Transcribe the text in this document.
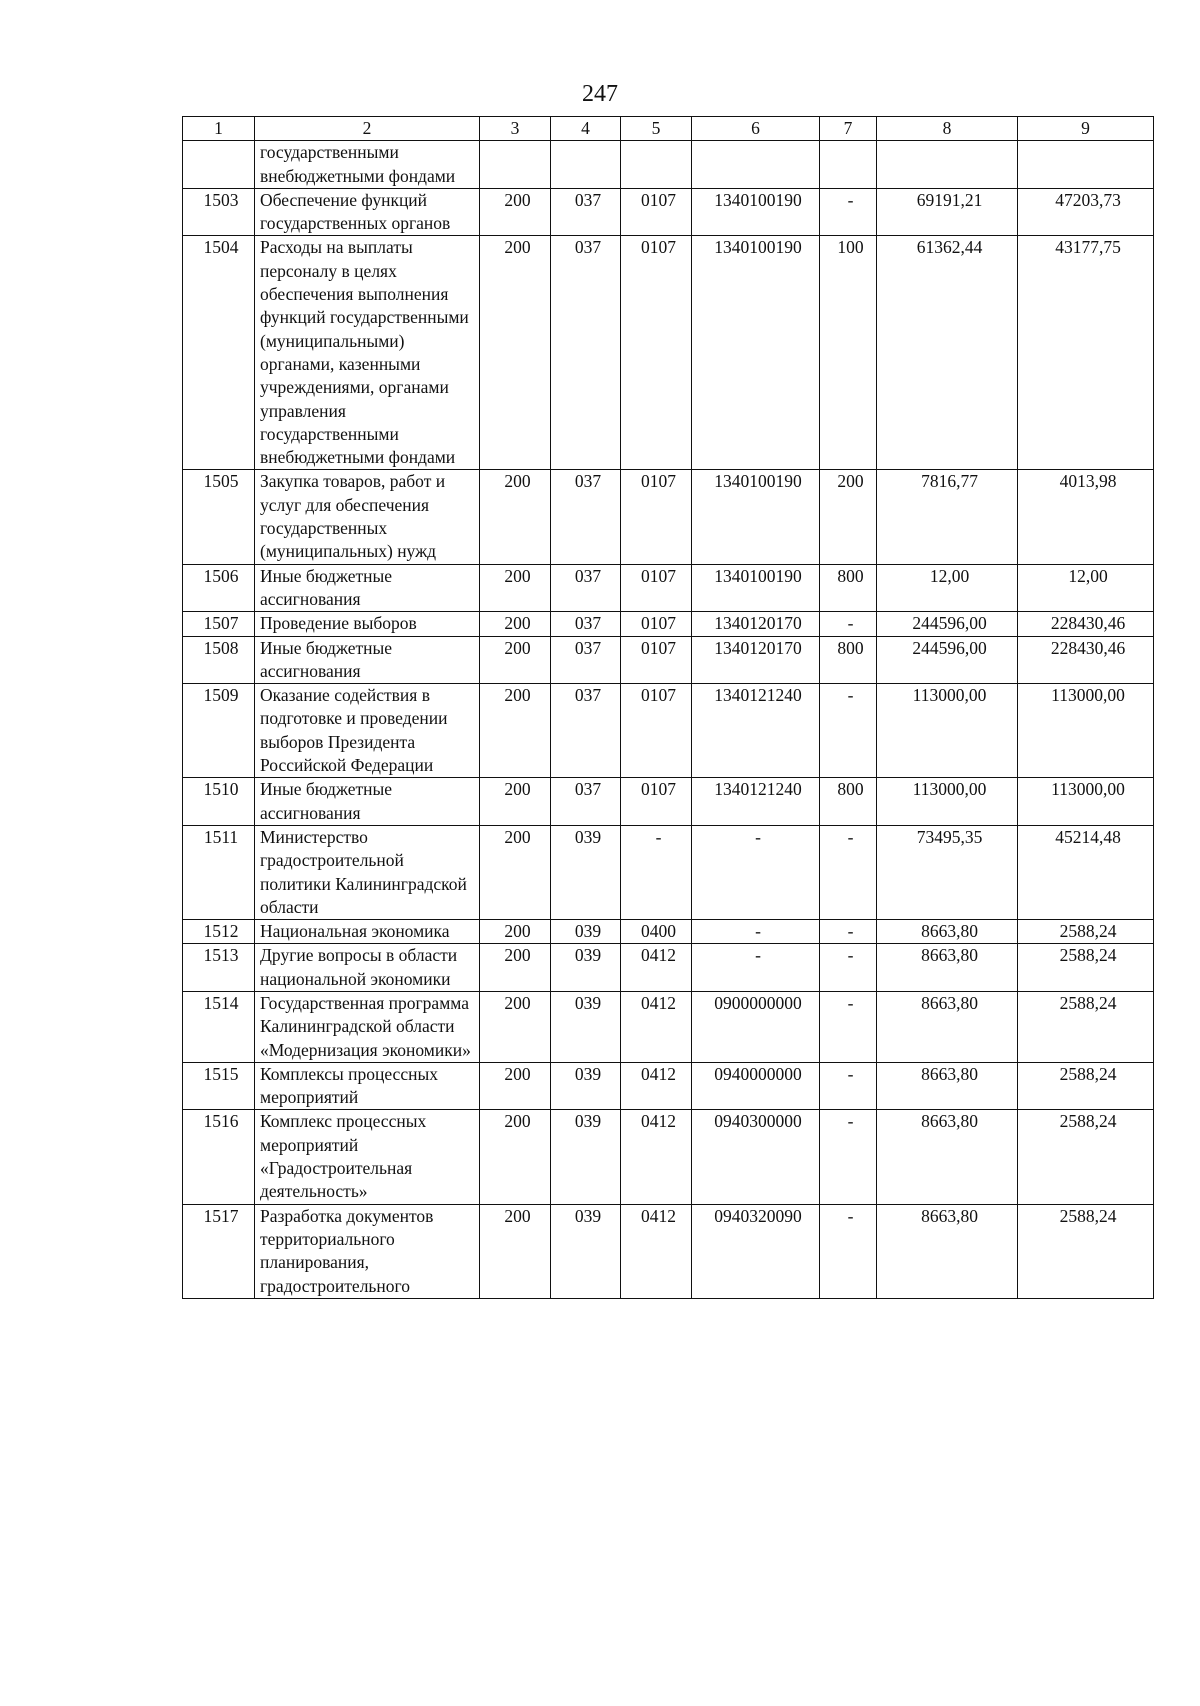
247
1	2	3	4	5	6	7	8	9
	государственными внебюджетными фондами							
1503	Обеспечение функций государственных органов	200	037	0107	1340100190	-	69191,21	47203,73
1504	Расходы на выплаты персоналу в целях обеспечения выполнения функций государственными (муниципальными) органами, казенными учреждениями, органами управления государственными внебюджетными фондами	200	037	0107	1340100190	100	61362,44	43177,75
1505	Закупка товаров, работ и услуг для обеспечения государственных (муниципальных) нужд	200	037	0107	1340100190	200	7816,77	4013,98
1506	Иные бюджетные ассигнования	200	037	0107	1340100190	800	12,00	12,00
1507	Проведение выборов	200	037	0107	1340120170	-	244596,00	228430,46
1508	Иные бюджетные ассигнования	200	037	0107	1340120170	800	244596,00	228430,46
1509	Оказание содействия в подготовке и проведении выборов Президента Российской Федерации	200	037	0107	1340121240	-	113000,00	113000,00
1510	Иные бюджетные ассигнования	200	037	0107	1340121240	800	113000,00	113000,00
1511	Министерство градостроительной политики Калининградской области	200	039	-	-	-	73495,35	45214,48
1512	Национальная экономика	200	039	0400	-	-	8663,80	2588,24
1513	Другие вопросы в области национальной экономики	200	039	0412	-	-	8663,80	2588,24
1514	Государственная программа Калининградской области «Модернизация экономики»	200	039	0412	0900000000	-	8663,80	2588,24
1515	Комплексы процессных мероприятий	200	039	0412	0940000000	-	8663,80	2588,24
1516	Комплекс процессных мероприятий «Градостроительная деятельность»	200	039	0412	0940300000	-	8663,80	2588,24
1517	Разработка документов территориального планирования, градостроительного	200	039	0412	0940320090	-	8663,80	2588,24
